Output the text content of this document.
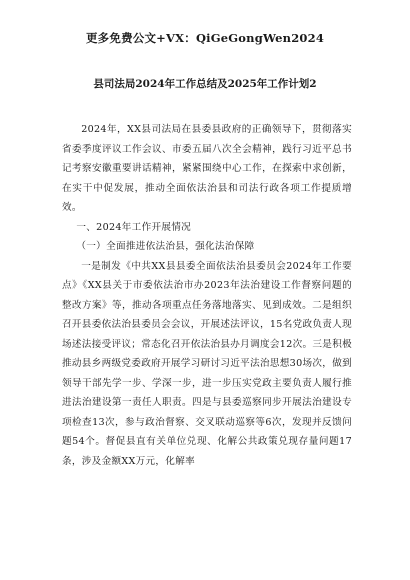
更多免费公文+VX：QiGeGongWen2024
县司法局2024年工作总结及2025年工作计划2

2024年，XX县司法局在县委县政府的正确领导下，贯彻落实省委季度评议工作会议、市委五届八次全会精神，践行习近平总书记考察安徽重要讲话精神，紧紧围绕中心工作，在探索中求创新，在实干中促发展，推动全面依法治县和司法行政各项工作提质增效。

一、2024年工作开展情况

（一）全面推进依法治县，强化法治保障

一是制发《中共XX县县委全面依法治县委员会2024年工作要点》《XX县关于市委依法治市办2023年法治建设工作督察问题的整改方案》等，推动各项重点任务落地落实、见到成效。二是组织召开县委依法治县委员会会议，开展述法评议，15名党政负责人现场述法接受评议；常态化召开依法治县办月调度会12次。三是积极推动县乡两级党委政府开展学习研讨习近平法治思想30场次，做到领导干部先学一步、学深一步，进一步压实党政主要负责人履行推进法治建设第一责任人职责。四是与县委巡察同步开展法治建设专项检查13次，参与政治督察、交叉联动巡察等6次，发现并反馈问题54个。督促县直有关单位兑现、化解公共政策兑现存量问题17条，涉及金额XX万元，化解率
